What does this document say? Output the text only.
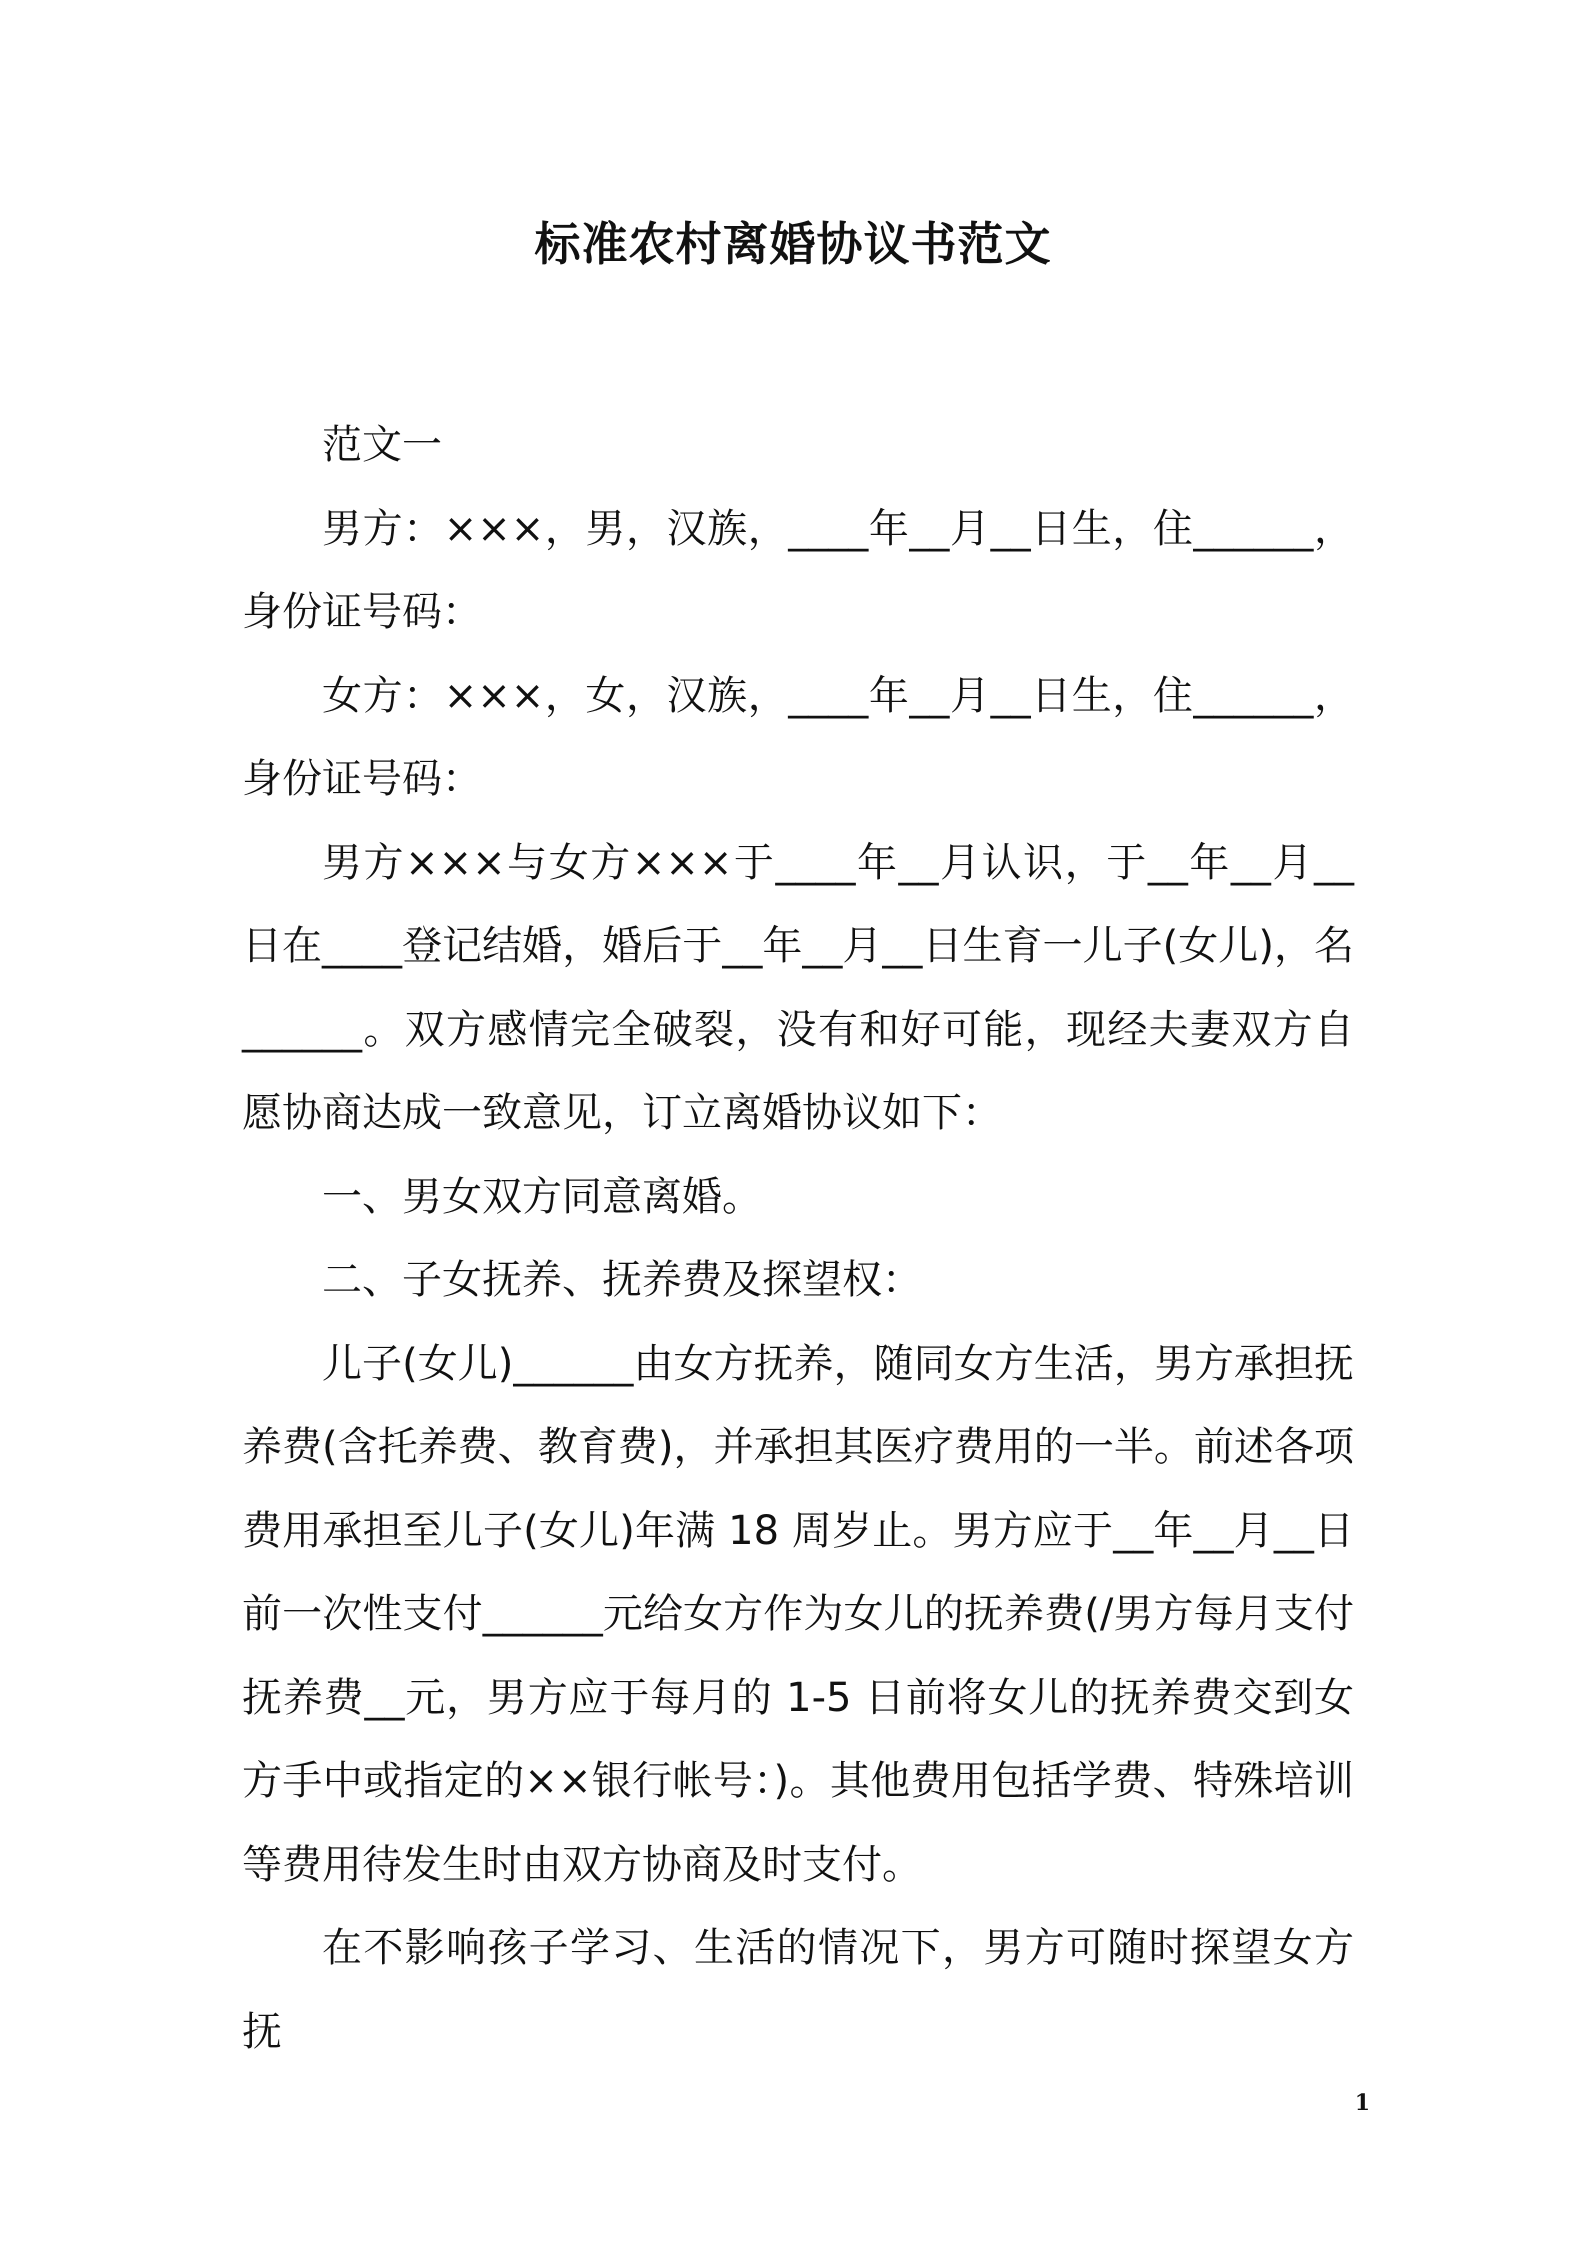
标准农村离婚协议书范文

范文一

男方：×××，男，汉族，____年__月__日生，住______，身份证号码：

女方：×××，女，汉族，____年__月__日生，住______，身份证号码：

男方×××与女方×××于____年__月认识，于__年__月__日在____登记结婚，婚后于__年__月__日生育一儿子(女儿)，名______。双方感情完全破裂，没有和好可能，现经夫妻双方自愿协商达成一致意见，订立离婚协议如下：

一、男女双方同意离婚。

二、子女抚养、抚养费及探望权：

儿子(女儿)______由女方抚养，随同女方生活，男方承担抚养费(含托养费、教育费)，并承担其医疗费用的一半。前述各项费用承担至儿子(女儿)年满 18 周岁止。男方应于__年__月__日前一次性支付______元给女方作为女儿的抚养费(/男方每月支付抚养费__元，男方应于每月的 1-5 日前将女儿的抚养费交到女方手中或指定的××银行帐号：)。其他费用包括学费、特殊培训等费用待发生时由双方协商及时支付。

在不影响孩子学习、生活的情况下，男方可随时探望女方抚

1
